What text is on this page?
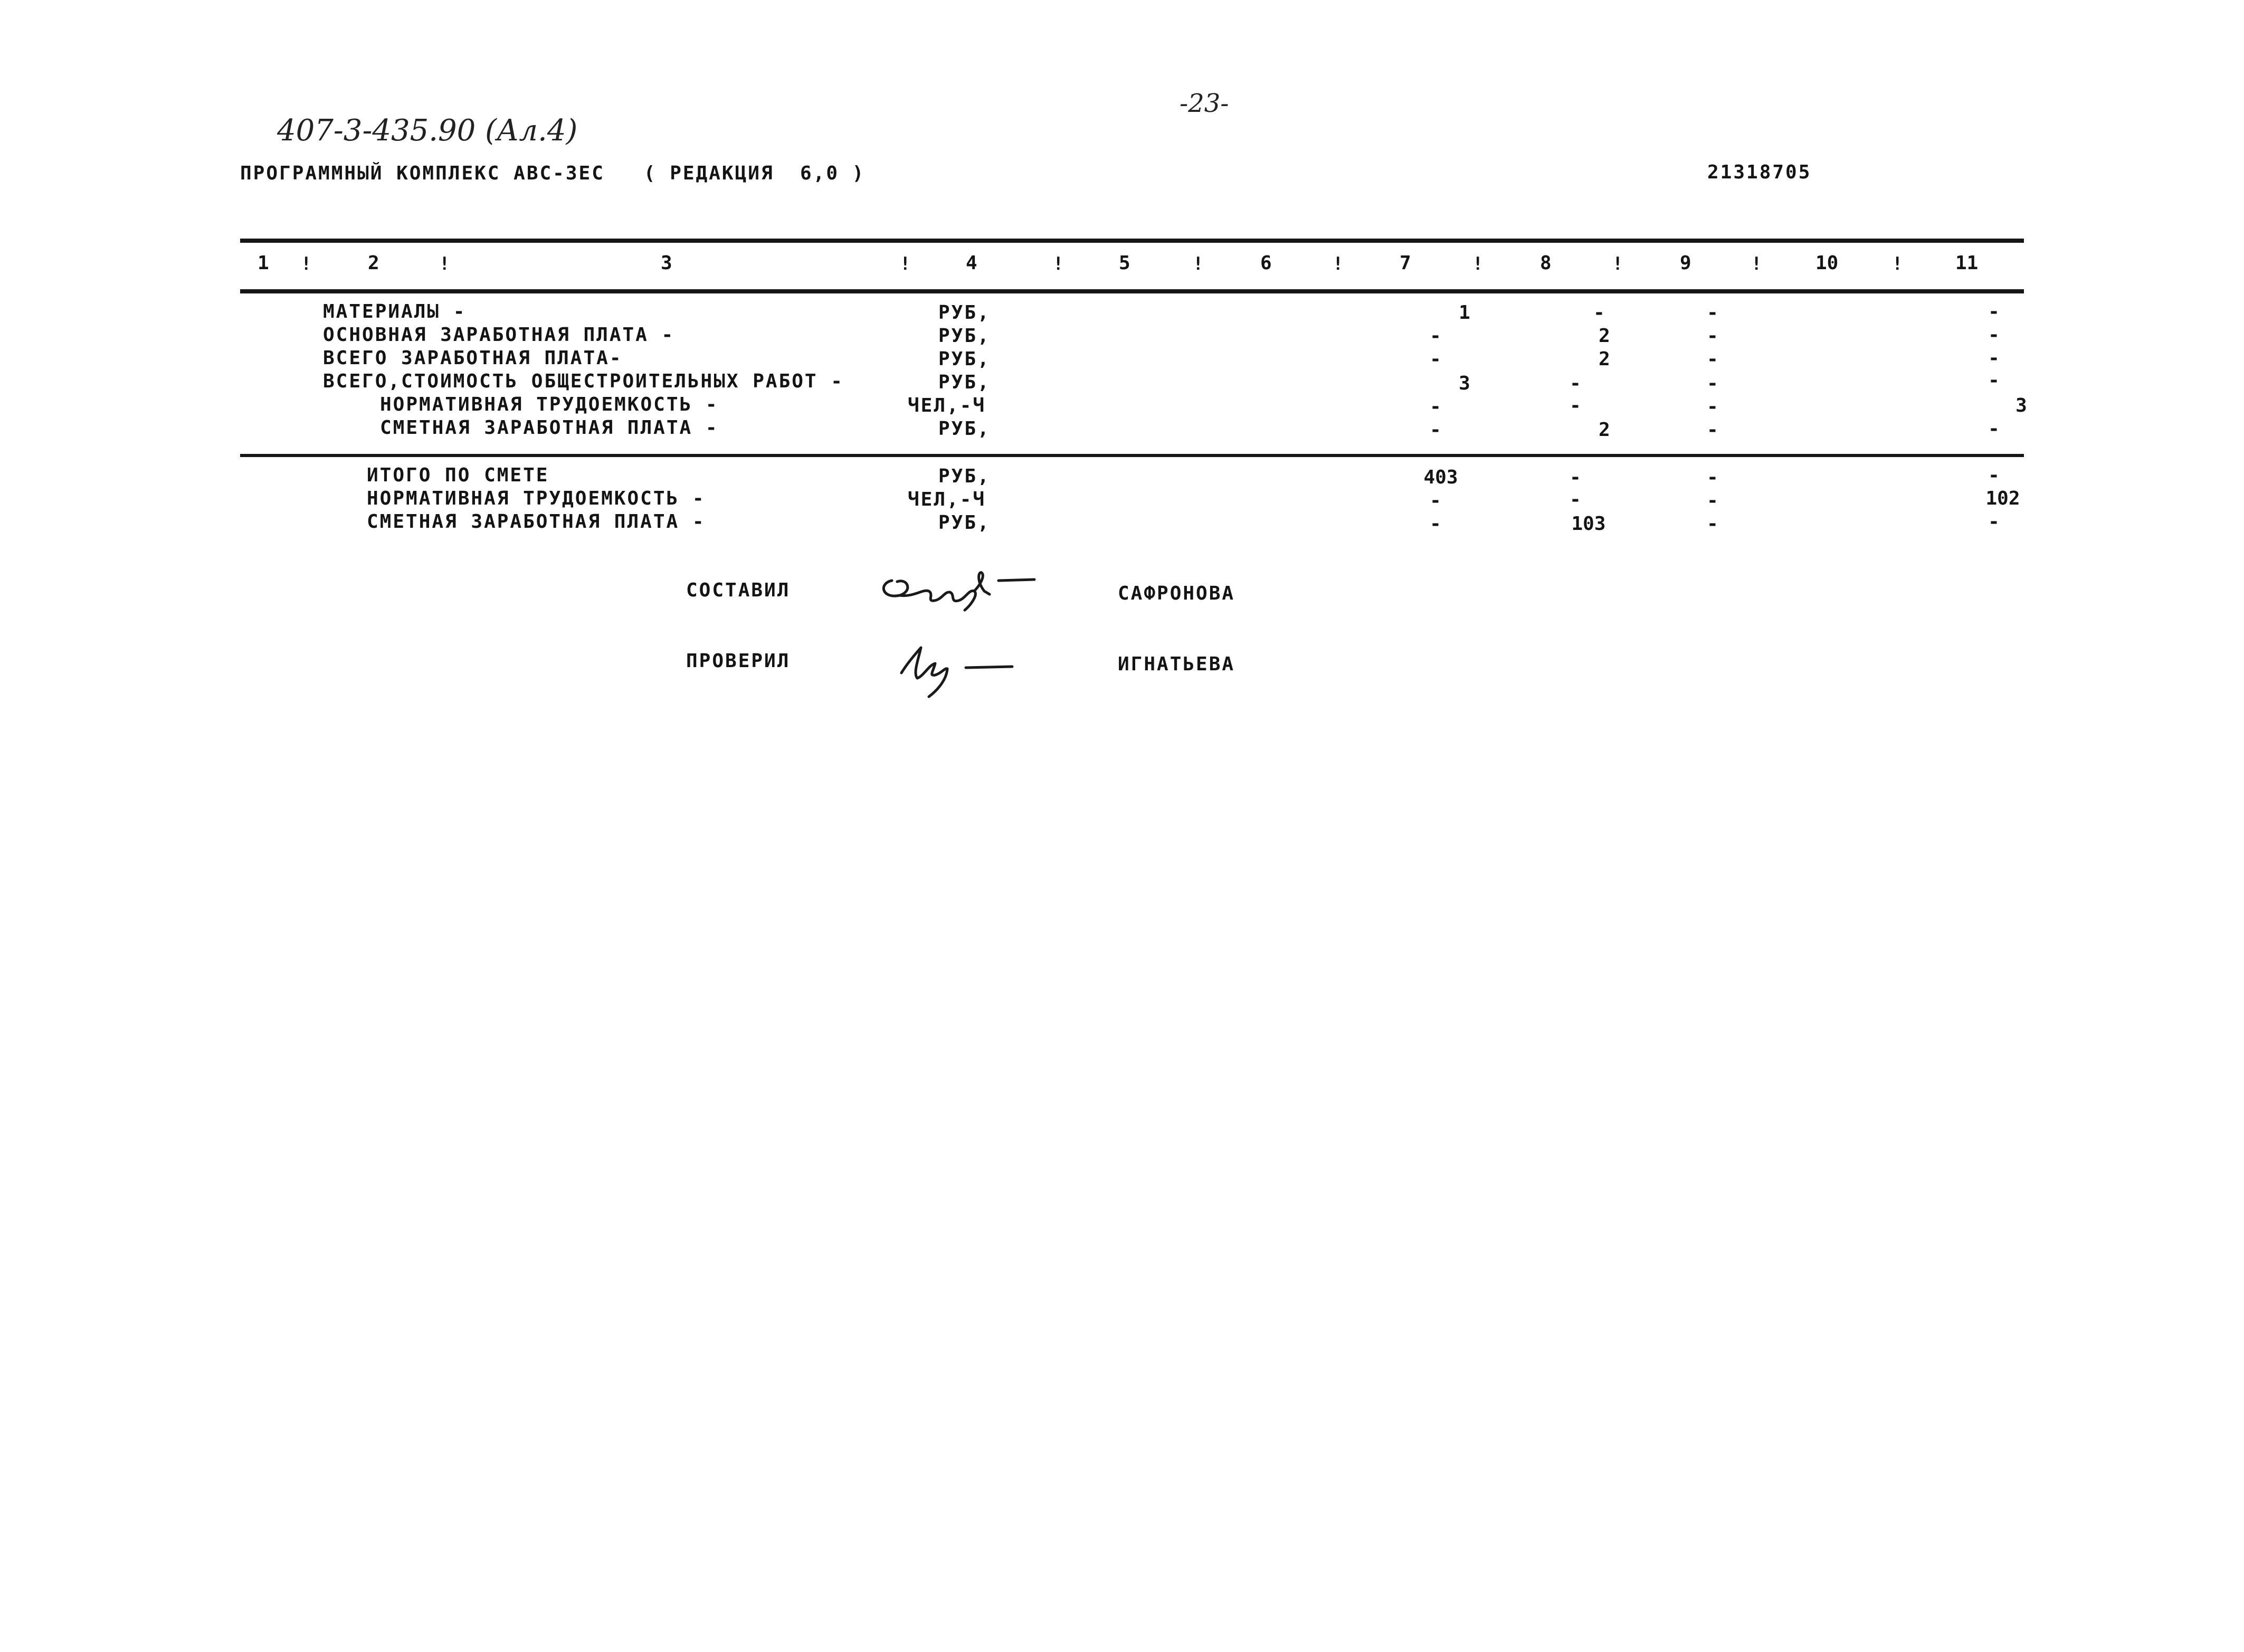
407-3-435.90 (Ал.4)
-23-
ПРОГРАММНЫЙ КОМПЛЕКС АВС-ЗЕС   ( РЕДАКЦИЯ  6,0 )	21318705
1 !	2	!	3	!	4	!	5	!	6	!	7	!	8	!	9	!	10	!	11
МАТЕРИАЛЫ -	РУБ,	1	-	-	-
ОСНОВНАЯ ЗАРАБОТНАЯ ПЛАТА -	РУБ,	-	2	-	-
ВСЕГО ЗАРАБОТНАЯ ПЛАТА-	РУБ,	-	2	-	-
ВСЕГО,СТОИМОСТЬ ОБЩЕСТРОИТЕЛЬНЫХ РАБОТ -	РУБ,	3	-	-	-
НОРМАТИВНАЯ ТРУДОЕМКОСТЬ -	ЧЕЛ,-Ч	-	-	-	3
СМЕТНАЯ ЗАРАБОТНАЯ ПЛАТА -	РУБ,	-	2	-	-
ИТОГО ПО СМЕТЕ	РУБ,	403	-	-	-
НОРМАТИВНАЯ ТРУДОЕМКОСТЬ -	ЧЕЛ,-Ч	-	-	-	102
СМЕТНАЯ ЗАРАБОТНАЯ ПЛАТА -	РУБ,	-	103	-	-
СОСТАВИЛ	САФРОНОВА
ПРОВЕРИЛ	ИГНАТЬЕВА
